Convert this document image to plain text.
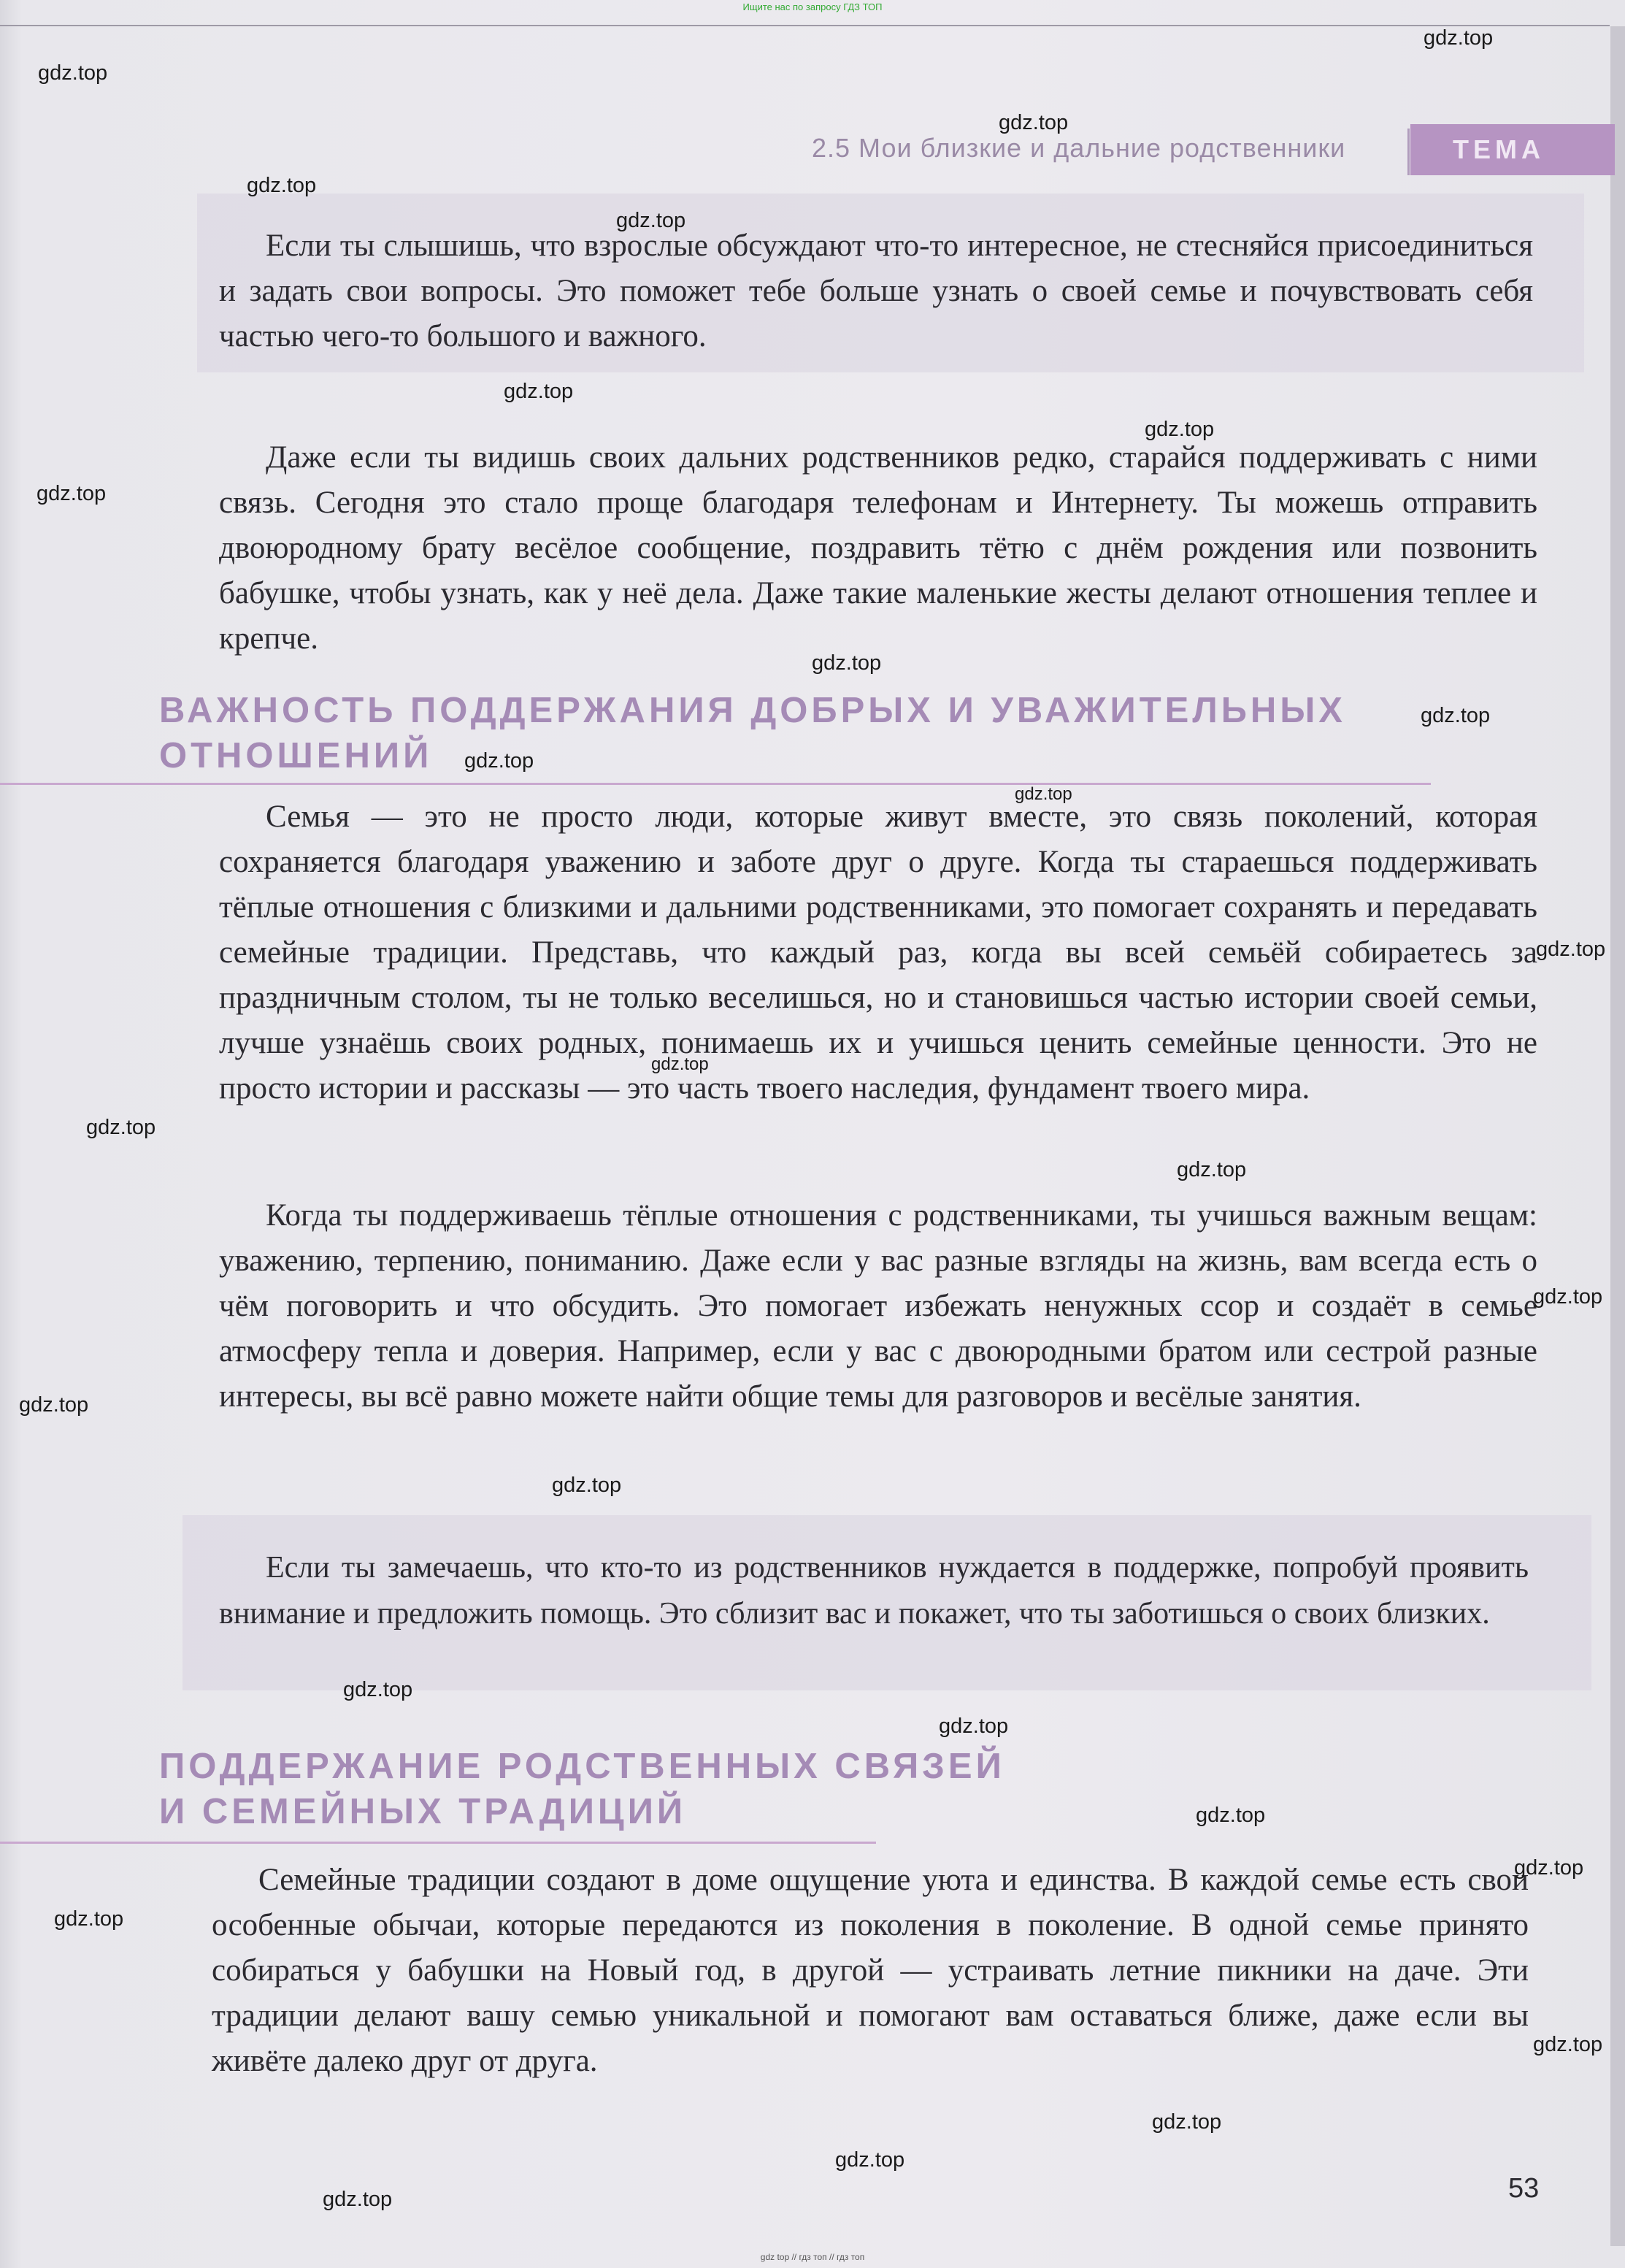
Ищите нас по запросу ГДЗ ТОП
2.5 Мои близкие и дальние родственники	ТЕМА

Если ты слышишь, что взрослые обсуждают что-то интересное, не стесняйся присоединиться и задать свои вопросы. Это поможет тебе больше узнать о своей семье и почувствовать себя частью чего-то большого и важного.

Даже если ты видишь своих дальних родственников редко, старайся поддерживать с ними связь. Сегодня это стало проще благодаря телефонам и Интернету. Ты можешь отправить двоюродному брату весёлое сообщение, поздравить тётю с днём рождения или позвонить бабушке, чтобы узнать, как у неё дела. Даже такие маленькие жесты делают отношения теплее и крепче.

ВАЖНОСТЬ ПОДДЕРЖАНИЯ ДОБРЫХ И УВАЖИТЕЛЬНЫХ
ОТНОШЕНИЙ

Семья — это не просто люди, которые живут вместе, это связь поколений, которая сохраняется благодаря уважению и заботе друг о друге. Когда ты стараешься поддерживать тёплые отношения с близкими и дальними родственниками, это помогает сохранять и передавать семейные традиции. Представь, что каждый раз, когда вы всей семьёй собираетесь за праздничным столом, ты не только веселишься, но и становишься частью истории своей семьи, лучше узнаёшь своих родных, понимаешь их и учишься ценить семейные ценности. Это не просто истории и рассказы — это часть твоего наследия, фундамент твоего мира.

Когда ты поддерживаешь тёплые отношения с родственниками, ты учишься важным вещам: уважению, терпению, пониманию. Даже если у вас разные взгляды на жизнь, вам всегда есть о чём поговорить и что обсудить. Это помогает избежать ненужных ссор и создаёт в семье атмосферу тепла и доверия. Например, если у вас с двоюродными братом или сестрой разные интересы, вы всё равно можете найти общие темы для разговоров и весёлые занятия.

Если ты замечаешь, что кто-то из родственников нуждается в поддержке, попробуй проявить внимание и предложить помощь. Это сблизит вас и покажет, что ты заботишься о своих близких.

ПОДДЕРЖАНИЕ РОДСТВЕННЫХ СВЯЗЕЙ
И СЕМЕЙНЫХ ТРАДИЦИЙ

Семейные традиции создают в доме ощущение уюта и единства. В каждой семье есть свои особенные обычаи, которые передаются из поколения в поколение. В одной семье принято собираться у бабушки на Новый год, в другой — устраивать летние пикники на даче. Эти традиции делают вашу семью уникальной и помогают вам оставаться ближе, даже если вы живёте далеко друг от друга.

53
gdz.top
gdz.top
gdz.top
gdz.top
gdz.top
gdz.top
gdz.top
gdz.top
gdz.top
gdz.top
gdz.top
gdz.top
gdz.top
gdz.top
gdz.top
gdz.top
gdz.top
gdz.top
gdz.top
gdz.top
gdz.top
gdz.top
gdz.top
gdz.top
gdz.top
gdz.top
gdz.top
gdz.top
gdz top // гдз топ // гдз топ
